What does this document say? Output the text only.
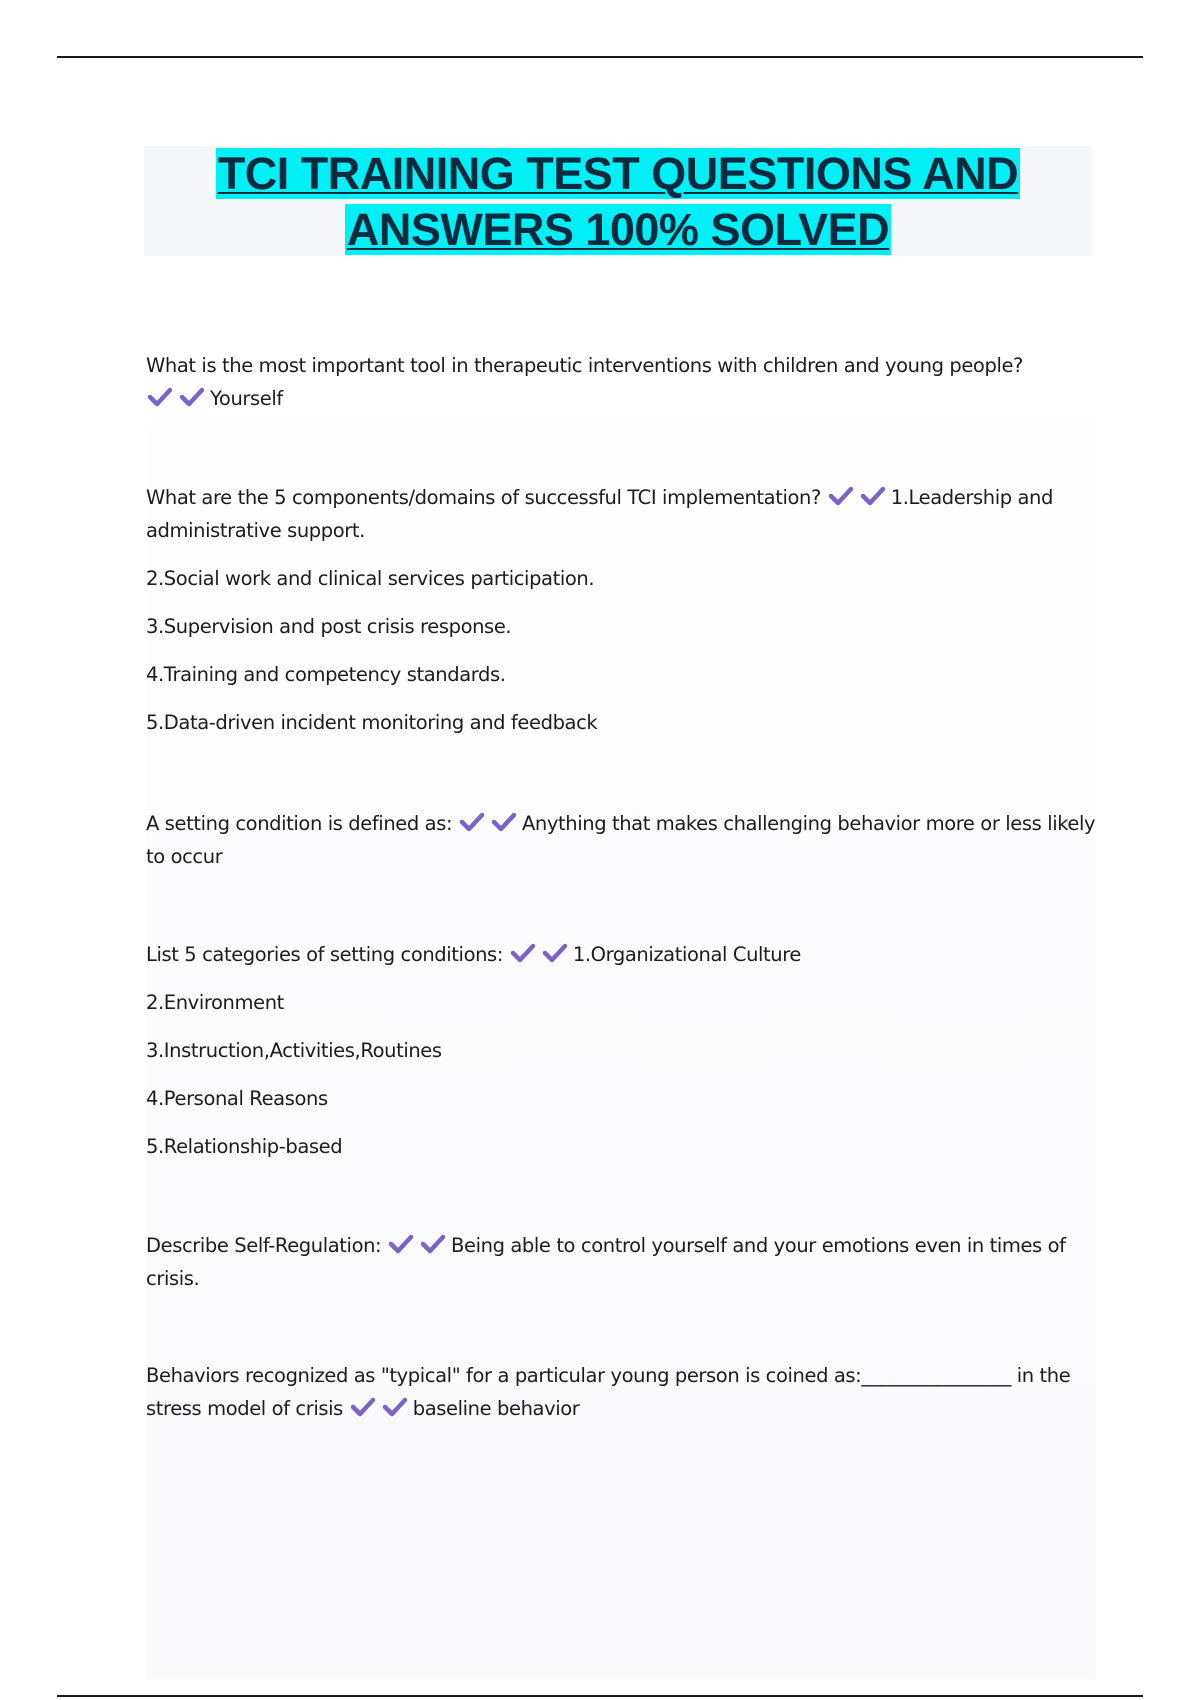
TCI TRAINING TEST QUESTIONS AND
ANSWERS 100% SOLVED

What is the most important tool in therapeutic interventions with children and young people?

Yourself

What are the 5 components/domains of successful TCI implementation?	1.Leadership and administrative support.

2.Social work and clinical services participation.

3.Supervision and post crisis response.

4.Training and competency standards.

5.Data-driven incident monitoring and feedback

A setting condition is defined as:	Anything that makes challenging behavior more or less likely to occur

List 5 categories of setting conditions:	1.Organizational Culture

2.Environment

3.Instruction,Activities,Routines

4.Personal Reasons

5.Relationship-based

Describe Self-Regulation:	Being able to control yourself and your emotions even in times of crisis.

Behaviors recognized as "typical" for a particular young person is coined as:________________ in the stress model of crisis	baseline behavior
